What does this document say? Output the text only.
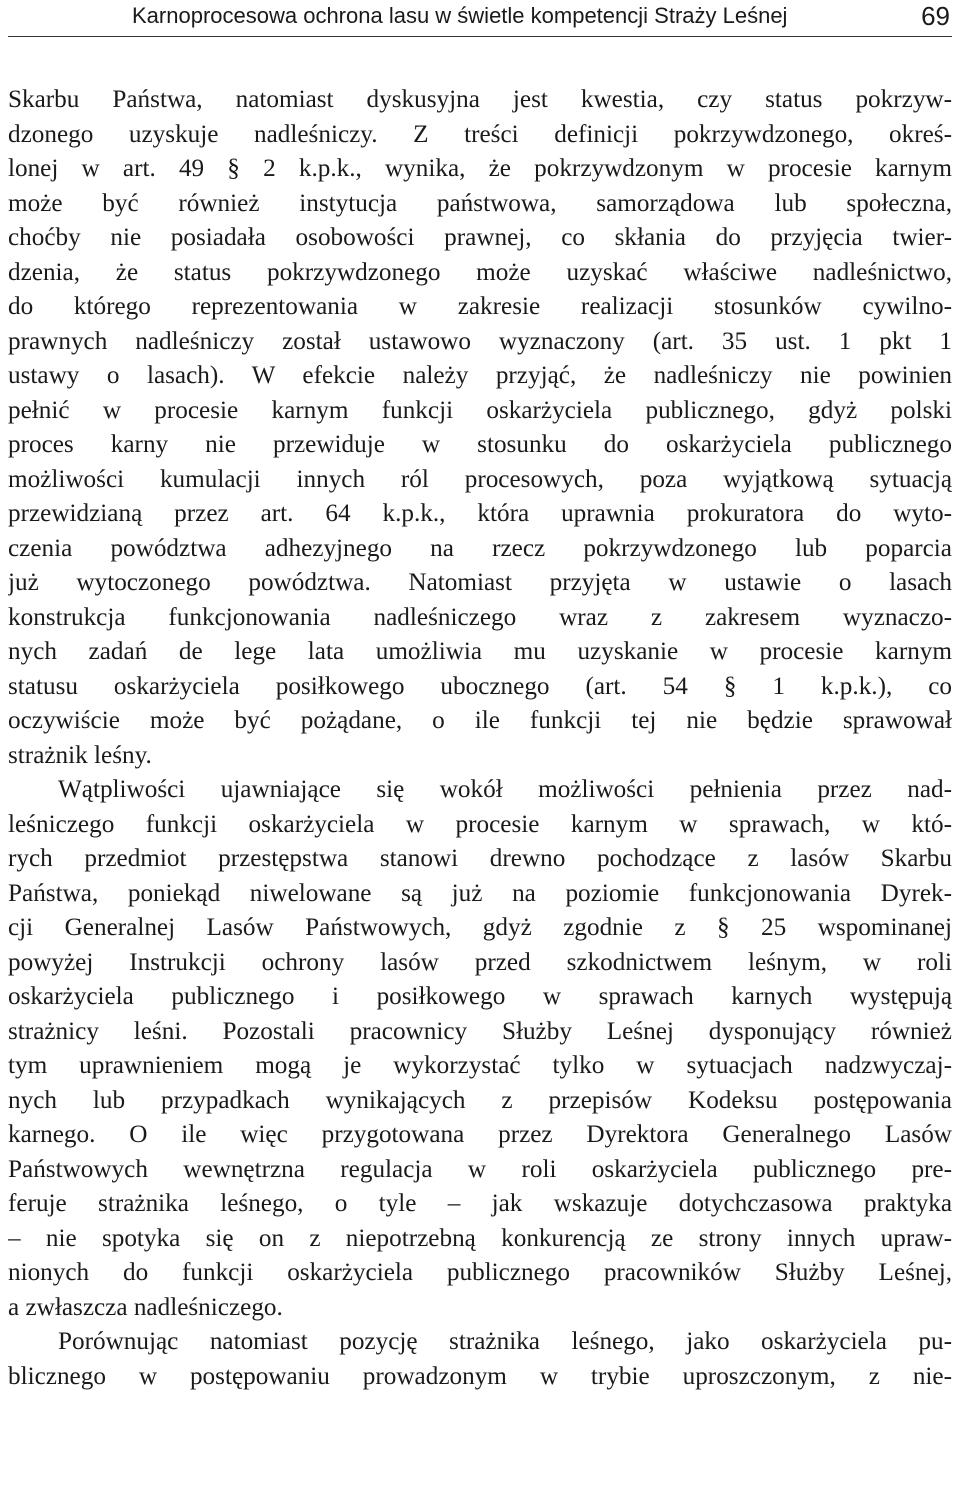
Karnoprocesowa ochrona lasu w świetle kompetencji Straży Leśnej	69
Skarbu Państwa, natomiast dyskusyjna jest kwestia, czy status pokrzyw-
dzonego uzyskuje nadleśniczy. Z treści definicji pokrzywdzonego, okreś-
lonej w art. 49 § 2 k.p.k., wynika, że pokrzywdzonym w procesie karnym
może być również instytucja państwowa, samorządowa lub społeczna,
choćby nie posiadała osobowości prawnej, co skłania do przyjęcia twier-
dzenia, że status pokrzywdzonego może uzyskać właściwe nadleśnictwo,
do którego reprezentowania w zakresie realizacji stosunków cywilno-
prawnych nadleśniczy został ustawowo wyznaczony (art. 35 ust. 1 pkt 1
ustawy o lasach). W efekcie należy przyjąć, że nadleśniczy nie powinien
pełnić w procesie karnym funkcji oskarżyciela publicznego, gdyż polski
proces karny nie przewiduje w stosunku do oskarżyciela publicznego
możliwości kumulacji innych ról procesowych, poza wyjątkową sytuacją
przewidzianą przez art. 64 k.p.k., która uprawnia prokuratora do wyto-
czenia powództwa adhezyjnego na rzecz pokrzywdzonego lub poparcia
już wytoczonego powództwa. Natomiast przyjęta w ustawie o lasach
konstrukcja funkcjonowania nadleśniczego wraz z zakresem wyznaczo-
nych zadań de lege lata umożliwia mu uzyskanie w procesie karnym
statusu oskarżyciela posiłkowego ubocznego (art. 54 § 1 k.p.k.), co
oczywiście może być pożądane, o ile funkcji tej nie będzie sprawował
strażnik leśny.
Wątpliwości ujawniające się wokół możliwości pełnienia przez nad-
leśniczego funkcji oskarżyciela w procesie karnym w sprawach, w któ-
rych przedmiot przestępstwa stanowi drewno pochodzące z lasów Skarbu
Państwa, poniekąd niwelowane są już na poziomie funkcjonowania Dyrek-
cji Generalnej Lasów Państwowych, gdyż zgodnie z § 25 wspominanej
powyżej Instrukcji ochrony lasów przed szkodnictwem leśnym, w roli
oskarżyciela publicznego i posiłkowego w sprawach karnych występują
strażnicy leśni. Pozostali pracownicy Służby Leśnej dysponujący również
tym uprawnieniem mogą je wykorzystać tylko w sytuacjach nadzwyczaj-
nych lub przypadkach wynikających z przepisów Kodeksu postępowania
karnego. O ile więc przygotowana przez Dyrektora Generalnego Lasów
Państwowych wewnętrzna regulacja w roli oskarżyciela publicznego pre-
feruje strażnika leśnego, o tyle – jak wskazuje dotychczasowa praktyka
– nie spotyka się on z niepotrzebną konkurencją ze strony innych upraw-
nionych do funkcji oskarżyciela publicznego pracowników Służby Leśnej,
a zwłaszcza nadleśniczego.
Porównując natomiast pozycję strażnika leśnego, jako oskarżyciela pu-
blicznego w postępowaniu prowadzonym w trybie uproszczonym, z nie-
